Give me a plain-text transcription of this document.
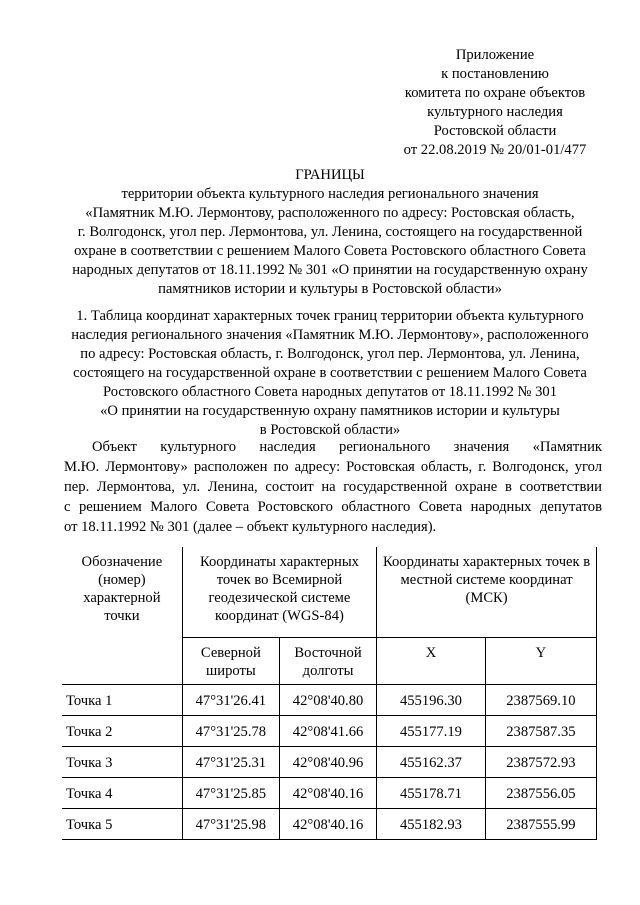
Приложение
к постановлению
комитета по охране объектов
культурного наследия
Ростовской области
от 22.08.2019 № 20/01-01/477
ГРАНИЦЫ
территории объекта культурного наследия регионального значения
«Памятник М.Ю. Лермонтову, расположенного по адресу: Ростовская область,
г. Волгодонск, угол пер. Лермонтова, ул. Ленина, состоящего на государственной
охране в соответствии с решением Малого Совета Ростовского областного Совета
народных депутатов от 18.11.1992 № 301 «О принятии на государственную охрану
памятников истории и культуры в Ростовской области»
1. Таблица координат характерных точек границ территории объекта культурного
наследия регионального значения «Памятник М.Ю. Лермонтову», расположенного
по адресу: Ростовская область, г. Волгодонск, угол пер. Лермонтова, ул. Ленина,
состоящего на государственной охране в соответствии с решением Малого Совета
Ростовского областного Совета народных депутатов от 18.11.1992 № 301
«О принятии на государственную охрану памятников истории и культуры
в Ростовской области»
Объект культурного наследия регионального значения «Памятник
М.Ю. Лермонтову» расположен по адресу: Ростовская область, г. Волгодонск, угол
пер. Лермонтова, ул. Ленина, состоит на государственной охране в соответствии
с решением Малого Совета Ростовского областного Совета народных депутатов
от 18.11.1992 № 301 (далее – объект культурного наследия).
Обозначение (номер) характерной точки	Координаты характерных точек во Всемирной геодезической системе координат (WGS-84)		Координаты характерных точек в местной системе координат (МСК)	
	Северной широты	Восточной долготы	X	Y
Точка 1	47°31'26.41	42°08'40.80	455196.30	2387569.10
Точка 2	47°31'25.78	42°08'41.66	455177.19	2387587.35
Точка 3	47°31'25.31	42°08'40.96	455162.37	2387572.93
Точка 4	47°31'25.85	42°08'40.16	455178.71	2387556.05
Точка 5	47°31'25.98	42°08'40.16	455182.93	2387555.99
